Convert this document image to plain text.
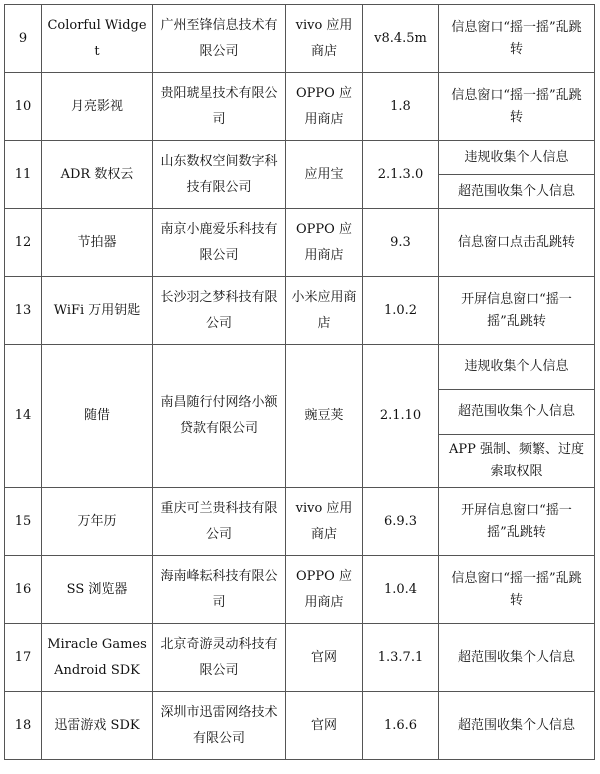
9	Colorful Widget	广州至锋信息技术有限公司	vivo 应用商店	v8.4.5m	信息窗口“摇一摇”乱跳转
10	月亮影视	贵阳琥星技术有限公司	OPPO 应用商店	1.8	信息窗口“摇一摇”乱跳转
11	ADR 数权云	山东数权空间数字科技有限公司	应用宝	2.1.3.0	违规收集个人信息
					超范围收集个人信息
12	节拍器	南京小鹿爱乐科技有限公司	OPPO 应用商店	9.3	信息窗口点击乱跳转
13	WiFi 万用钥匙	长沙羽之梦科技有限公司	小米应用商店	1.0.2	开屏信息窗口“摇一摇”乱跳转
14	随借	南昌随行付网络小额贷款有限公司	豌豆荚	2.1.10	违规收集个人信息
					超范围收集个人信息
					APP 强制、频繁、过度索取权限
15	万年历	重庆可兰贵科技有限公司	vivo 应用商店	6.9.3	开屏信息窗口“摇一摇”乱跳转
16	SS 浏览器	海南峰耘科技有限公司	OPPO 应用商店	1.0.4	信息窗口“摇一摇”乱跳转
17	Miracle Games Android SDK	北京奇游灵动科技有限公司	官网	1.3.7.1	超范围收集个人信息
18	迅雷游戏 SDK	深圳市迅雷网络技术有限公司	官网	1.6.6	超范围收集个人信息
